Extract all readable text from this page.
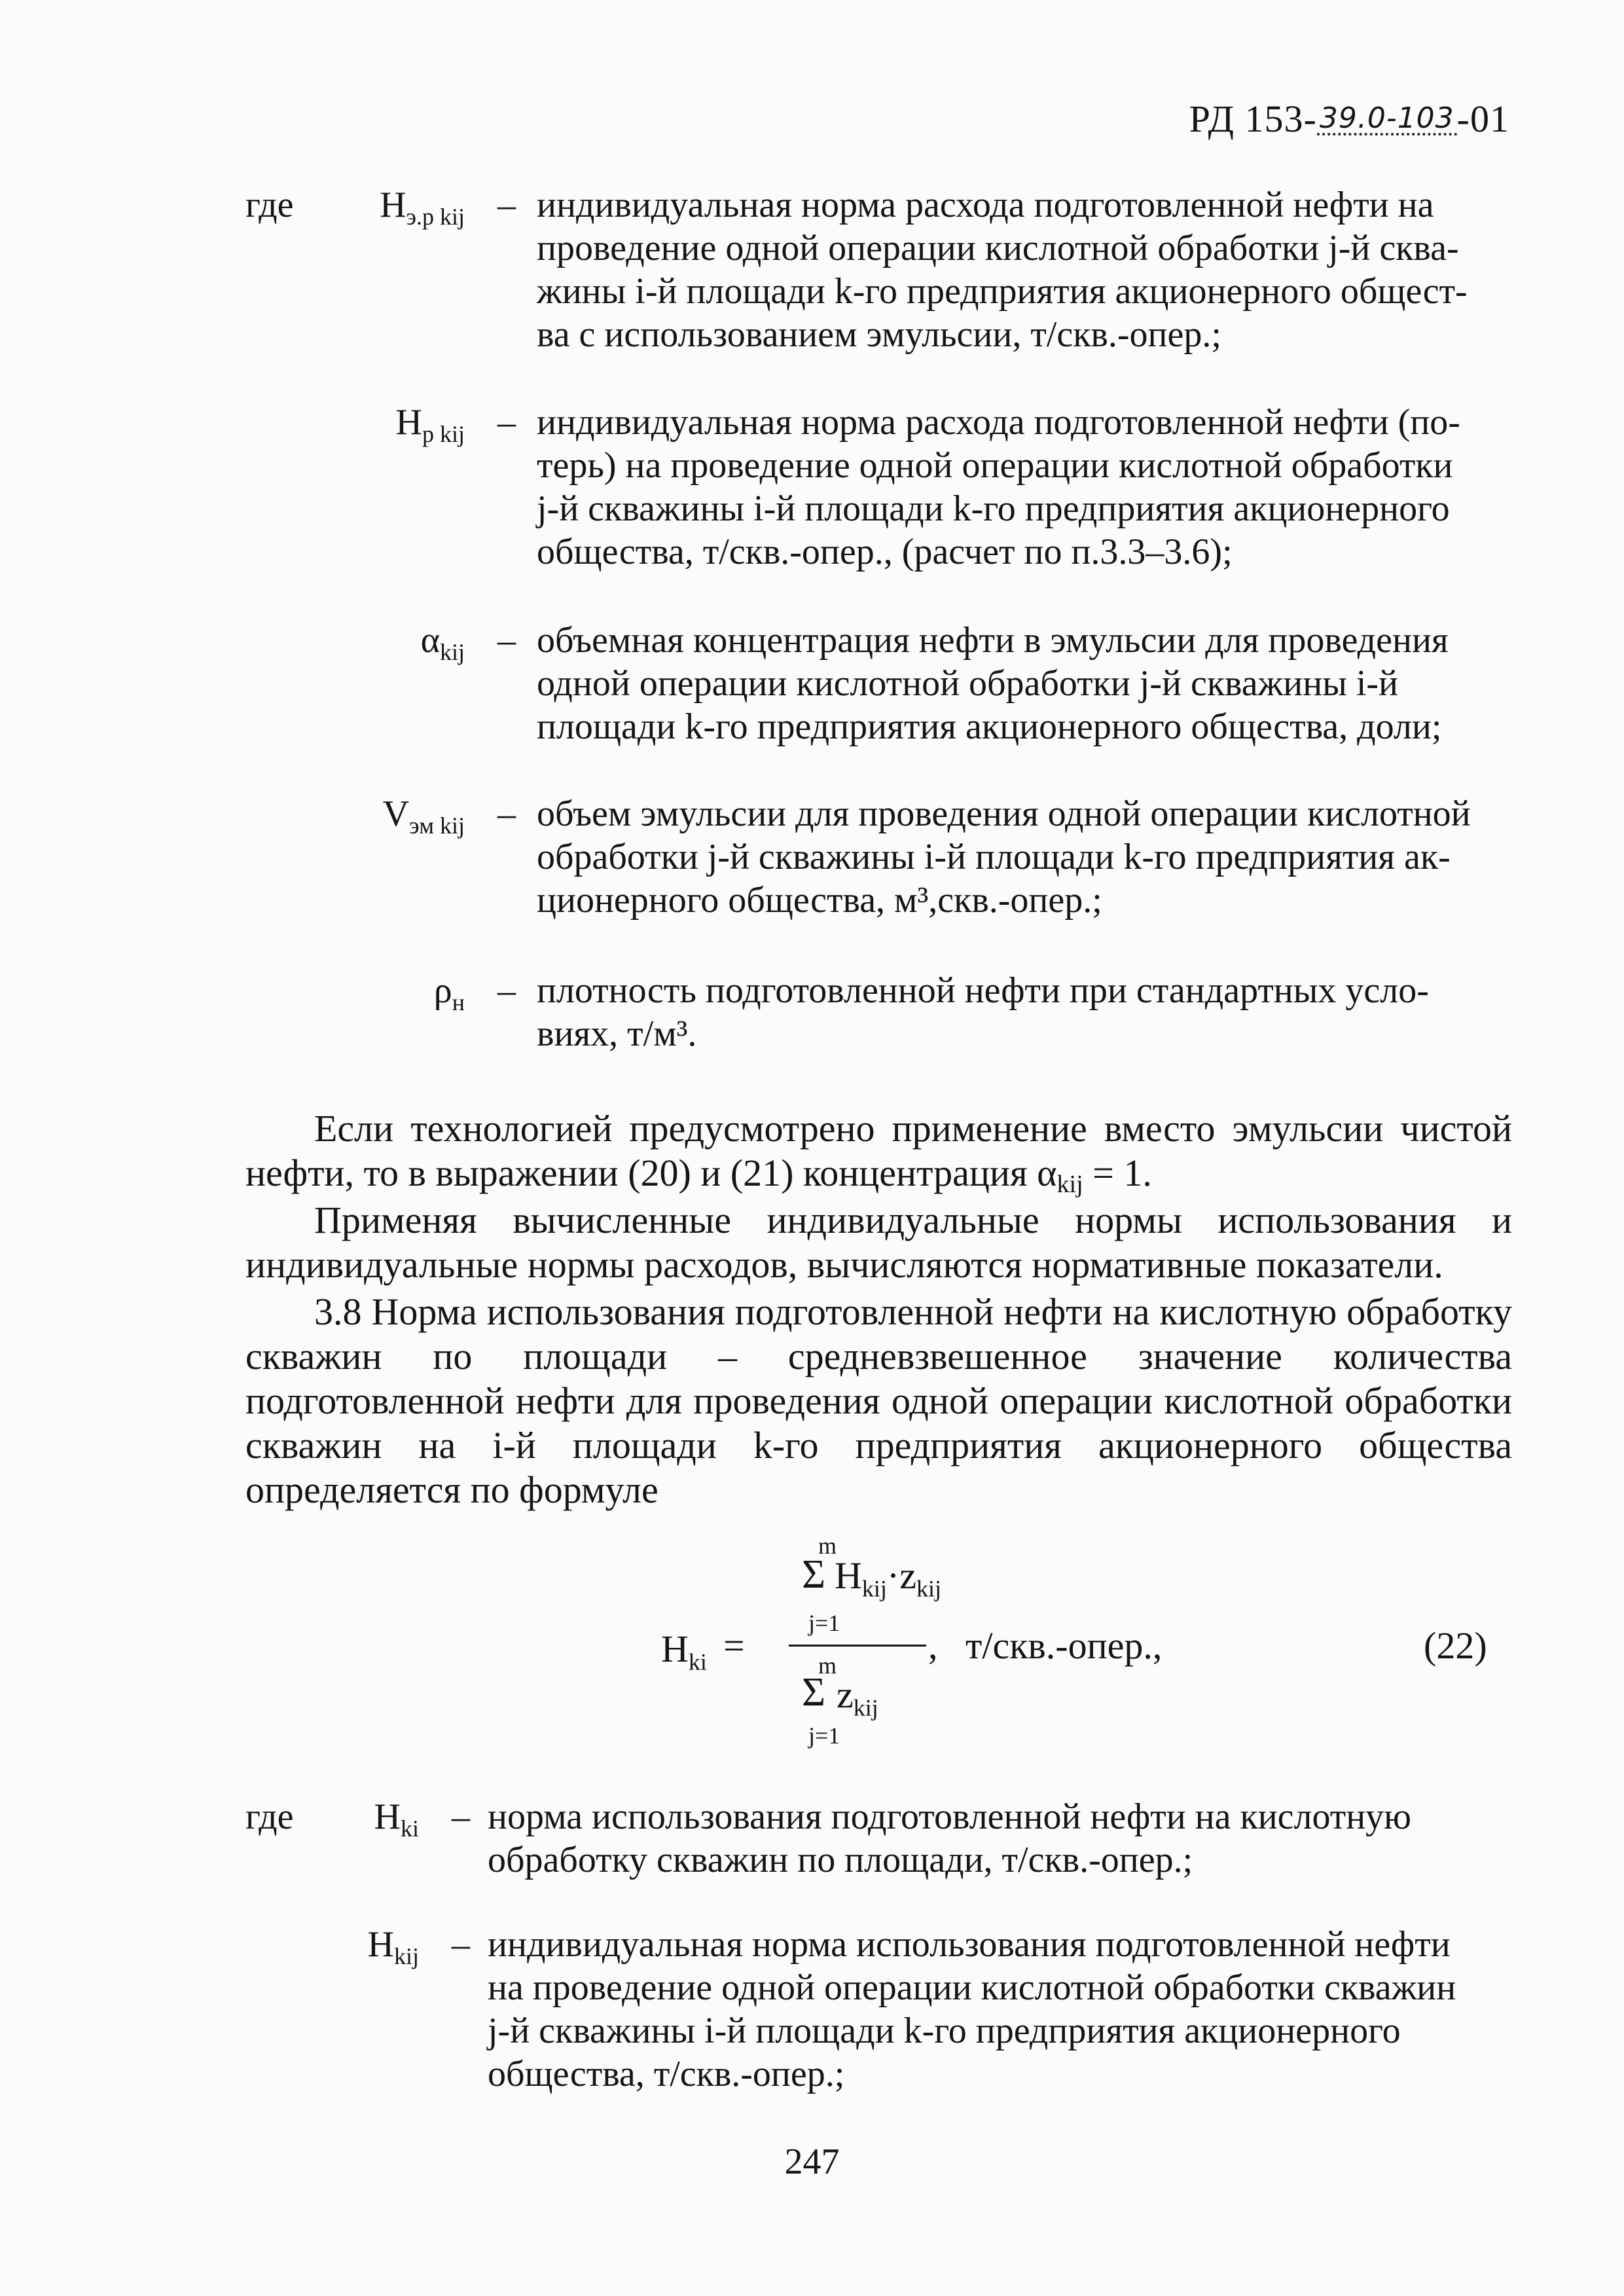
РД 153-39.0-103-01
где	$Н_{э.р kij}$ – индивидуальная норма расхода подготовленной нефти на
проведение одной операции кислотной обработки j-й сква-
жины i-й площади k-го предприятия акционерного общест-
ва с использованием эмульсии, т/скв.-опер.;
$Н_{р kij}$ – индивидуальная норма расхода подготовленной нефти (по-
терь) на проведение одной операции кислотной обработки
j-й скважины i-й площади k-го предприятия акционерного
общества, т/скв.-опер., (расчет по п.3.3–3.6);
$\alpha_{kij}$ – объемная концентрация нефти в эмульсии для проведения
одной операции кислотной обработки j-й скважины i-й
площади k-го предприятия акционерного общества, доли;
$V_{эм kij}$ – объем эмульсии для проведения одной операции кислотной
обработки j-й скважины i-й площади k-го предприятия ак-
ционерного общества, м³,скв.-опер.;
$\rho_н$ – плотность подготовленной нефти при стандартных усло-
виях, т/м³.
Если технологией предусмотрено применение вместо эмульсии чистой нефти, то в выражении (20) и (21) концентрация $\alpha_{kij} = 1$.
Применяя вычисленные индивидуальные нормы использования и индивидуальные нормы расходов, вычисляются нормативные показатели.
3.8 Норма использования подготовленной нефти на кислотную обработку скважин по площади – средневзвешенное значение количества подготовленной нефти для проведения одной операции кислотной обработки скважин на i-й площади k-го предприятия акционерного общества определяется по формуле
m
Σ $Н_{kij}\cdot z_{kij}$
j=1
$Н_{ki}$ =	, т/скв.-опер.,	(22)
m
Σ $z_{kij}$
j=1
где	$Н_{ki}$ – норма использования подготовленной нефти на кислотную
обработку скважин по площади, т/скв.-опер.;
$Н_{kij}$ – индивидуальная норма использования подготовленной нефти
на проведение одной операции кислотной обработки скважин
j-й скважины i-й площади k-го предприятия акционерного
общества, т/скв.-опер.;
247
